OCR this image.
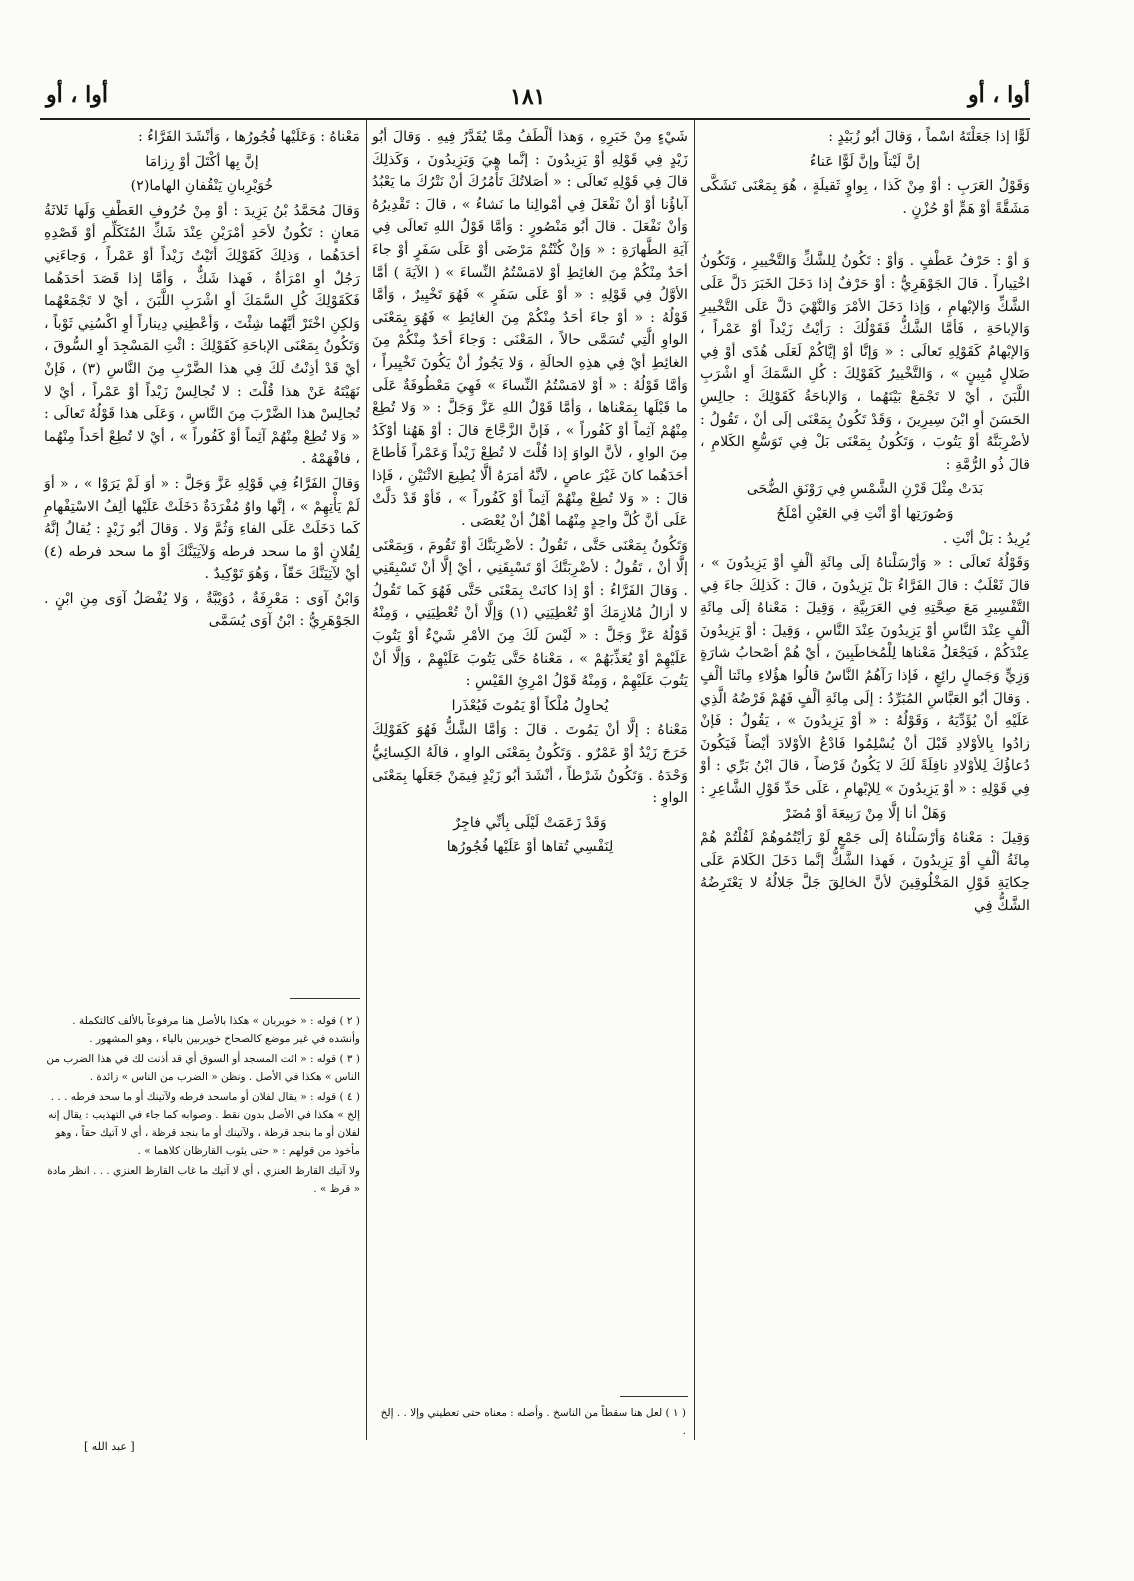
أوا ، أو	١٨١	أوا ، أو

لَوًّا إذا جَعَلْتَهُ اسْماً ، وَقالَ أبُو زُبَيْدٍ :

إنَّ لَيْتاً وإنَّ لَوًّا عَناءُ

وَقَوْلُ العَرَبِ : أوْ مِنْ كَذا ، بِواوٍ ثَقيلَةٍ ، هُوَ بِمَعْنَى تَشَكَّى مَشَقَّةً أوْ هَمٍّ أوْ حُزْنٍ .

وَ أوْ : حَرْفُ عَطْفٍ . وَأوْ : تَكُونُ لِلشَّكِّ وَالتَّخْييرِ ، وَتَكُونُ اخْتِياراً . قالَ الجَوْهَرِيُّ : أوْ حَرْفٌ إذا دَخَلَ الخَبَرَ دَلَّ عَلَى الشَّكِّ وَالإبْهامِ ، وَإذا دَخَلَ الأمْرَ وَالنَّهْيَ دَلَّ عَلَى التَّخْييرِ وَالإباحَةِ ، فَأمَّا الشَّكُّ فَقَوْلُكَ : رَأيْتُ زَيْداً أوْ عَمْراً ، وَالإبْهامُ كَقَوْلِهِ تَعالَى : « وَإنَّا أوْ إيَّاكُمْ لَعَلَى هُدًى أوْ فِي ضَلالٍ مُبِينٍ » ، وَالتَّخْييرُ كَقَوْلِكَ : كُلِ السَّمَكَ أوِ اشْرَبِ اللَّبَنَ ، أيْ لا تَجْمَعْ بَيْنَهُما ، وَالإباحَةُ كَقَوْلِكَ : جالِسِ الحَسَنَ أوِ ابْنَ سِيرِينَ ، وَقَدْ تَكُونُ بِمَعْنَى إلَى أنْ ، تَقُولُ : لأضْرِبَنَّهُ أوْ يَتُوبَ ، وَتَكُونُ بِمَعْنَى بَلْ فِي تَوَسُّعِ الكَلامِ ، قالَ ذُو الرُّمَّةِ :

بَدَتْ مِثْلَ قَرْنِ الشَّمْسِ فِي رَوْنَقِ الضُّحَى

وَصُورَتِها أوْ أنْتِ فِي العَيْنِ أمْلَحُ

يُرِيدُ : بَلْ أنْتِ .

وَقَوْلُهُ تَعالَى : « وَأرْسَلْناهُ إلَى مِائَةِ ألْفٍ أوْ يَزِيدُونَ » ، قالَ ثَعْلَبٌ : قالَ الفَرَّاءُ بَلْ يَزِيدُونَ ، قالَ : كَذلِكَ جاءَ فِي التَّفْسِيرِ مَعَ صِحَّتِهِ فِي العَرَبِيَّةِ ، وَقِيلَ : مَعْناهُ إلَى مِائَةِ ألْفٍ عِنْدَ النَّاسِ أوْ يَزِيدُونَ عِنْدَ النَّاسِ ، وَقِيلَ : أوْ يَزِيدُونَ عِنْدَكُمْ ، فَيَجْعَلُ مَعْناها لِلْمُخاطَبِينَ ، أيْ هُمْ أصْحابُ شارَةٍ وَزِيٍّ وَجَمالٍ رائِعٍ ، فَإذا رَآهُمُ النَّاسُ قالُوا هؤُلاءِ مِائَتا ألْفٍ . وَقالَ أبُو العَبَّاسِ المُبَرِّدُ : إلَى مِائَةِ ألْفٍ فَهُمْ فَرْضُهُ الَّذِي عَلَيْهِ أنْ يُؤَدِّيَهُ ، وَقَوْلُهُ : « أوْ يَزِيدُونَ » ، يَقُولُ : فَإنْ زادُوا بِالأوْلادِ قَبْلَ أنْ يُسْلِمُوا فَادْعُ الأوْلادَ أيْضاً فَيَكُونَ دُعاؤُكَ لِلأوْلادِ نافِلَةً لَكَ لا يَكُونُ فَرْضاً ، قالَ ابْنُ بَرِّي : أوْ فِي قَوْلِهِ : « أوْ يَزِيدُونَ » لِلإبْهامِ ، عَلَى حَدِّ قَوْلِ الشَّاعِرِ :

وَهَلْ أنا إلَّا مِنْ رَبِيعَةَ أوْ مُضَرْ

وَقِيلَ : مَعْناهُ وَأرْسَلْناهُ إلَى جَمْعٍ لَوْ رَأيْتُمُوهُمْ لَقُلْتُمْ هُمْ مِائَةُ ألْفٍ أوْ يَزِيدُونَ ، فَهذا الشَّكُّ إنَّما دَخَلَ الكَلامَ عَلَى حِكايَةِ قَوْلِ المَخْلُوقِينَ لأنَّ الخالِقَ جَلَّ جَلالُهُ لا يَعْتَرِضُهُ الشَّكُّ فِي

شَيْءٍ مِنْ خَبَرِهِ ، وَهذا ألْطَفُ مِمَّا يُقَدَّرُ فِيهِ . وَقالَ أبُو زَيْدٍ فِي قَوْلِهِ أوْ يَزِيدُونَ : إنَّما هِيَ وَيَزِيدُونَ ، وَكَذلِكَ قالَ فِي قَوْلِهِ تَعالَى : « أصَلاتُكَ تَأْمُرُكَ أنْ نَتْرُكَ ما يَعْبُدُ آباؤُنا أوْ أنْ نَفْعَلَ فِي أمْوالِنا ما نَشاءُ » ، قالَ : تَقْدِيرُهُ وَأنْ نَفْعَلَ . قالَ أبُو مَنْصُورٍ : وَأمَّا قَوْلُ اللهِ تَعالَى فِي آيَةِ الطَّهارَةِ : « وَإنْ كُنْتُمْ مَرْضَى أوْ عَلَى سَفَرٍ أوْ جاءَ أحَدٌ مِنْكُمْ مِنَ الغائِطِ أوْ لامَسْتُمُ النِّساءَ » ( الآيَةَ ) أمَّا الأوَّلُ فِي قَوْلِهِ : « أوْ عَلَى سَفَرٍ » فَهُوَ تَخْيِيرٌ ، وَأمَّا قَوْلُهُ : « أوْ جاءَ أحَدٌ مِنْكُمْ مِنَ الغائِطِ » فَهُوَ بِمَعْنَى الواوِ الَّتِي تُسَمَّى حالاً ، المَعْنَى : وَجاءَ أحَدٌ مِنْكُمْ مِنَ الغائِطِ أيْ فِي هذِهِ الحالَةِ ، وَلا يَجُوزُ أنْ يَكُونَ تَخْيِيراً ، وَأمَّا قَوْلُهُ : « أوْ لامَسْتُمُ النِّساءَ » فَهِيَ مَعْطُوفَةٌ عَلَى ما قَبْلَها بِمَعْناها ، وَأمَّا قَوْلُ اللهِ عَزَّ وَجَلَّ : « وَلا تُطِعْ مِنْهُمْ آثِماً أوْ كَفُوراً » ، فَإنَّ الزَّجَّاجَ قالَ : أوْ هَهُنا أوْكَدُ مِنَ الواوِ ، لأنَّ الواوَ إذا قُلْتَ لا تُطِعْ زَيْداً وَعَمْراً فَأطاعَ أحَدَهُما كانَ غَيْرَ عاصٍ ، لأنَّهُ أمَرَهُ ألَّا يُطِيعَ الاثْنَيْنِ ، فَإذا قالَ : « وَلا تُطِعْ مِنْهُمْ آثِماً أوْ كَفُوراً » ، فَأوْ قَدْ دَلَّتْ عَلَى أنَّ كُلَّ واحِدٍ مِنْهُما أهْلٌ أنْ يُعْصَى .

وَتَكُونُ بِمَعْنَى حَتَّى ، تَقُولُ : لأضْرِبَنَّكَ أوْ تَقُومَ ، وَبِمَعْنَى إلَّا أنْ ، تَقُولُ : لأضْرِبَنَّكَ أوْ تَسْبِقَنِي ، أيْ إلَّا أنْ تَسْبِقَنِي . وَقالَ الفَرَّاءُ : أوْ إذا كانَتْ بِمَعْنَى حَتَّى فَهُوَ كَما تَقُولُ لا أزالُ مُلازِمَكَ أوْ تُعْطِيَنِي (١) وَإلَّا أنْ تُعْطِيَنِي ، وَمِنْهُ قَوْلُهُ عَزَّ وَجَلَّ : « لَيْسَ لَكَ مِنَ الأمْرِ شَيْءٌ أوْ يَتُوبَ عَلَيْهِمْ أوْ يُعَذِّبَهُمْ » ، مَعْناهُ حَتَّى يَتُوبَ عَلَيْهِمْ ، وَإلَّا أنْ يَتُوبَ عَلَيْهِمْ ، وَمِنْهُ قَوْلُ امْرِئِ القَيْسِ :

يُحاوِلُ مُلْكاً أوْ يَمُوتَ فَيُعْذَرا

مَعْناهُ : إلَّا أنْ يَمُوتَ . قالَ : وَأمَّا الشَّكُّ فَهُوَ كَقَوْلِكَ خَرَجَ زَيْدٌ أوْ عَمْرٌو . وَتَكُونُ بِمَعْنَى الواوِ ، قالَهُ الكِسائِيُّ وَحْدَهُ . وَتَكُونُ شَرْطاً ، أنْشَدَ أبُو زَيْدٍ فِيمَنْ جَعَلَها بِمَعْنَى الواوِ :

وَقَدْ زَعَمَتْ لَيْلَى بِأنِّي فاجِرٌ

لِنَفْسِي تُقاها أوْ عَلَيْها فُجُورُها

مَعْناهُ : وَعَلَيْها فُجُورُها ، وَأنْشَدَ الفَرَّاءُ :

إنَّ بِها أكْتَلَ أوْ رِزامَا

خُوَيْرِبانِ يَنْقُفانِ الهاما(٢)

وَقالَ مُحَمَّدُ بْنُ يَزِيدَ : أوْ مِنْ حُرُوفِ العَطْفِ وَلَها ثَلاثَةُ مَعانٍ : تَكُونُ لأحَدِ أمْرَيْنِ عِنْدَ شَكِّ المُتَكَلِّمِ أوْ قَصْدِهِ أحَدَهُما ، وَذلِكَ كَقَوْلِكَ أتَيْتُ زَيْداً أوْ عَمْراً ، وَجاءَنِي رَجُلٌ أوِ امْرَأةٌ ، فَهذا شَكٌّ ، وَأمَّا إذا قَصَدَ أحَدَهُما فَكَقَوْلِكَ كُلِ السَّمَكَ أوِ اشْرَبِ اللَّبَنَ ، أيْ لا تَجْمَعْهُما وَلكِنِ اخْتَرْ أيَّهُما شِئْتَ ، وَأعْطِنِي دِيناراً أوِ اكْسُنِي ثَوْباً ، وَتَكُونُ بِمَعْنَى الإباحَةِ كَقَوْلِكَ : ائْتِ المَسْجِدَ أوِ السُّوقَ ، أيْ قَدْ أذِنْتُ لَكَ فِي هذا الضَّرْبِ مِنَ النَّاسِ (٣) ، فَإنْ نَهَيْتَهُ عَنْ هذا قُلْتَ : لا تُجالِسْ زَيْداً أوْ عَمْراً ، أيْ لا تُجالِسْ هذا الضَّرْبَ مِنَ النَّاسِ ، وَعَلَى هذا قَوْلُهُ تَعالَى : « وَلا تُطِعْ مِنْهُمْ آثِماً أوْ كَفُوراً » ، أيْ لا تُطِعْ أحَداً مِنْهُما ، فافْهَمْهُ .

وَقالَ الفَرَّاءُ فِي قَوْلِهِ عَزَّ وَجَلَّ : « أوَ لَمْ يَرَوْا » ، « أوَ لَمْ يَأْتِهِمْ » ، إنَّها واوٌ مُفْرَدَةٌ دَخَلَتْ عَلَيْها ألِفُ الاسْتِفْهامِ كَما دَخَلَتْ عَلَى الفاءِ وَثُمَّ وَلا . وَقالَ أبُو زَيْدٍ : يُقالُ إنَّهُ لِفُلانٍ أوْ ما سحد فرطه وَلآتِيَنَّكَ أوْ ما سحد فرطه (٤) أيْ لآتِيَنَّكَ حَقّاً ، وَهُوَ تَوْكِيدٌ .

وَابْنُ آوَى : مَعْرِفَةٌ ، دُوَيْبَّةٌ ، وَلا يُفْصَلُ آوَى مِنِ ابْنٍ . الجَوْهَرِيُّ : ابْنُ آوَى يُسَمَّى

( ٢ ) قوله : « خويربان » هكذا بالأصل هنا مرفوعاً بالألف كالتكملة . وأنشده في غير موضع كالصحاح خويربين بالياء ، وهو المشهور .

( ٣ ) قوله : « ائت المسجد أو السوق أي قد أذنت لك في هذا الضرب من الناس » هكذا في الأصل . ونظن « الضرب من الناس » زائدة .

( ٤ ) قوله : « يقال لفلان أو ماسحد فرطه ولآتينك أو ما سحد فرطه . . . إلخ » هكذا في الأصل بدون نقط . وصوابه كما جاء في التهذيب : يقال إنه لفلان أو ما بنجد قرظة ، ولآتينك أو ما بنجد قرظة ، أي لا آتيك حقاً ، وهو مأخوذ من قولهم : « حتى يئوب القارظان كلاهما » .

ولا آتيك القارظ العنزي ، أي لا آتيك ما غاب القارظ العنزي . . . انظر مادة « قرظ » .

( ١ ) لعل هنا سقطاً من الناسخ . وأصله : معناه حتى تعطيني وإلا . . إلخ .

[ عبد الله ]
